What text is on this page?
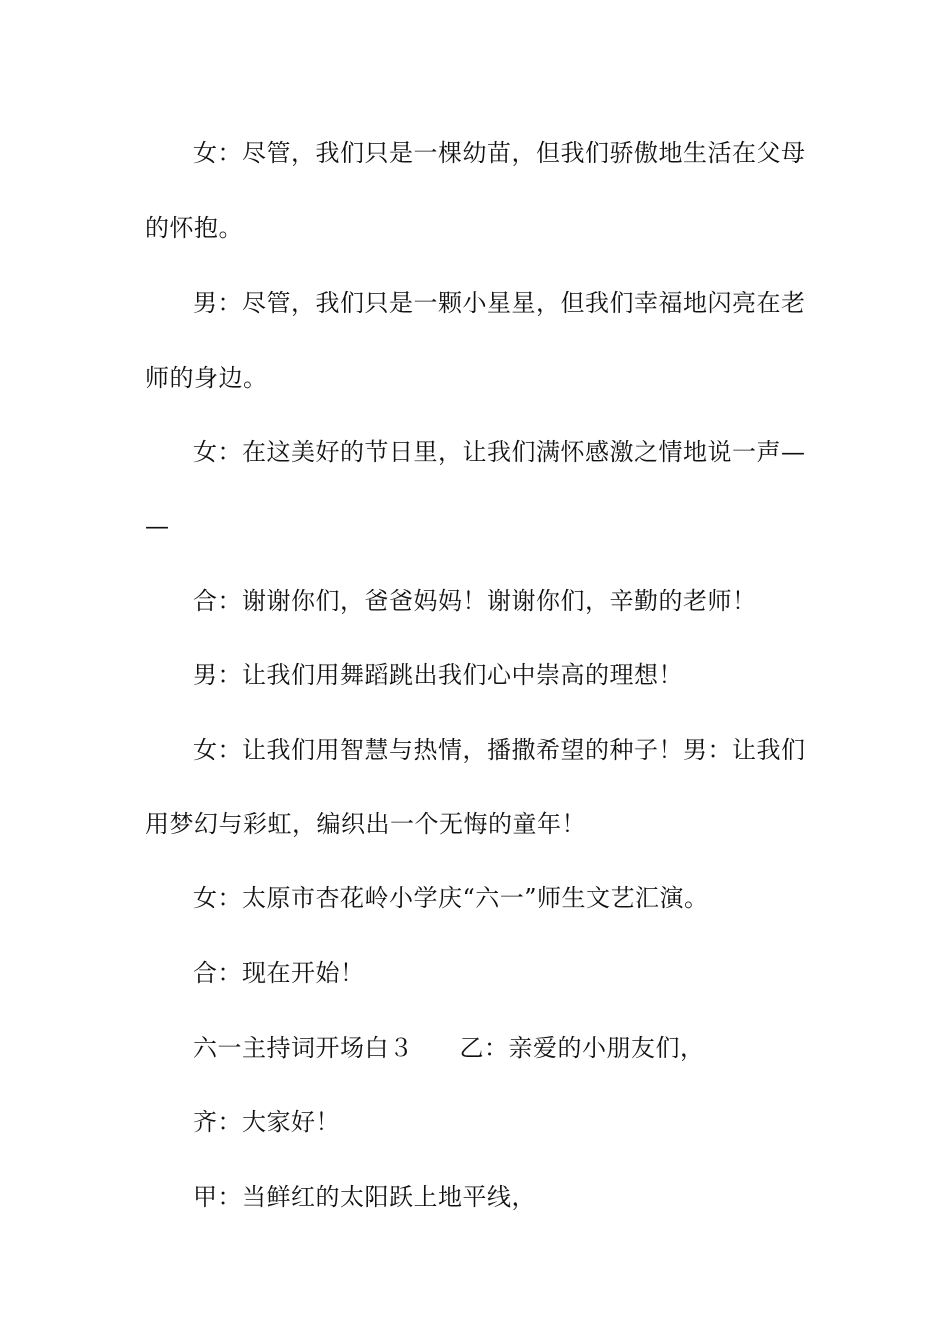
女：尽管，我们只是一棵幼苗，但我们骄傲地生活在父母
的怀抱。
男：尽管，我们只是一颗小星星，但我们幸福地闪亮在老
师的身边。
女：在这美好的节日里，让我们满怀感激之情地说一声—
—
合：谢谢你们，爸爸妈妈！谢谢你们，辛勤的老师！
男：让我们用舞蹈跳出我们心中崇高的理想！
女：让我们用智慧与热情，播撒希望的种子！男：让我们
用梦幻与彩虹，编织出一个无悔的童年！
女：太原市杏花岭小学庆“六一”师生文艺汇演。
合：现在开始！
六一主持词开场白３ 乙：亲爱的小朋友们，
齐：大家好！
甲：当鲜红的太阳跃上地平线，
